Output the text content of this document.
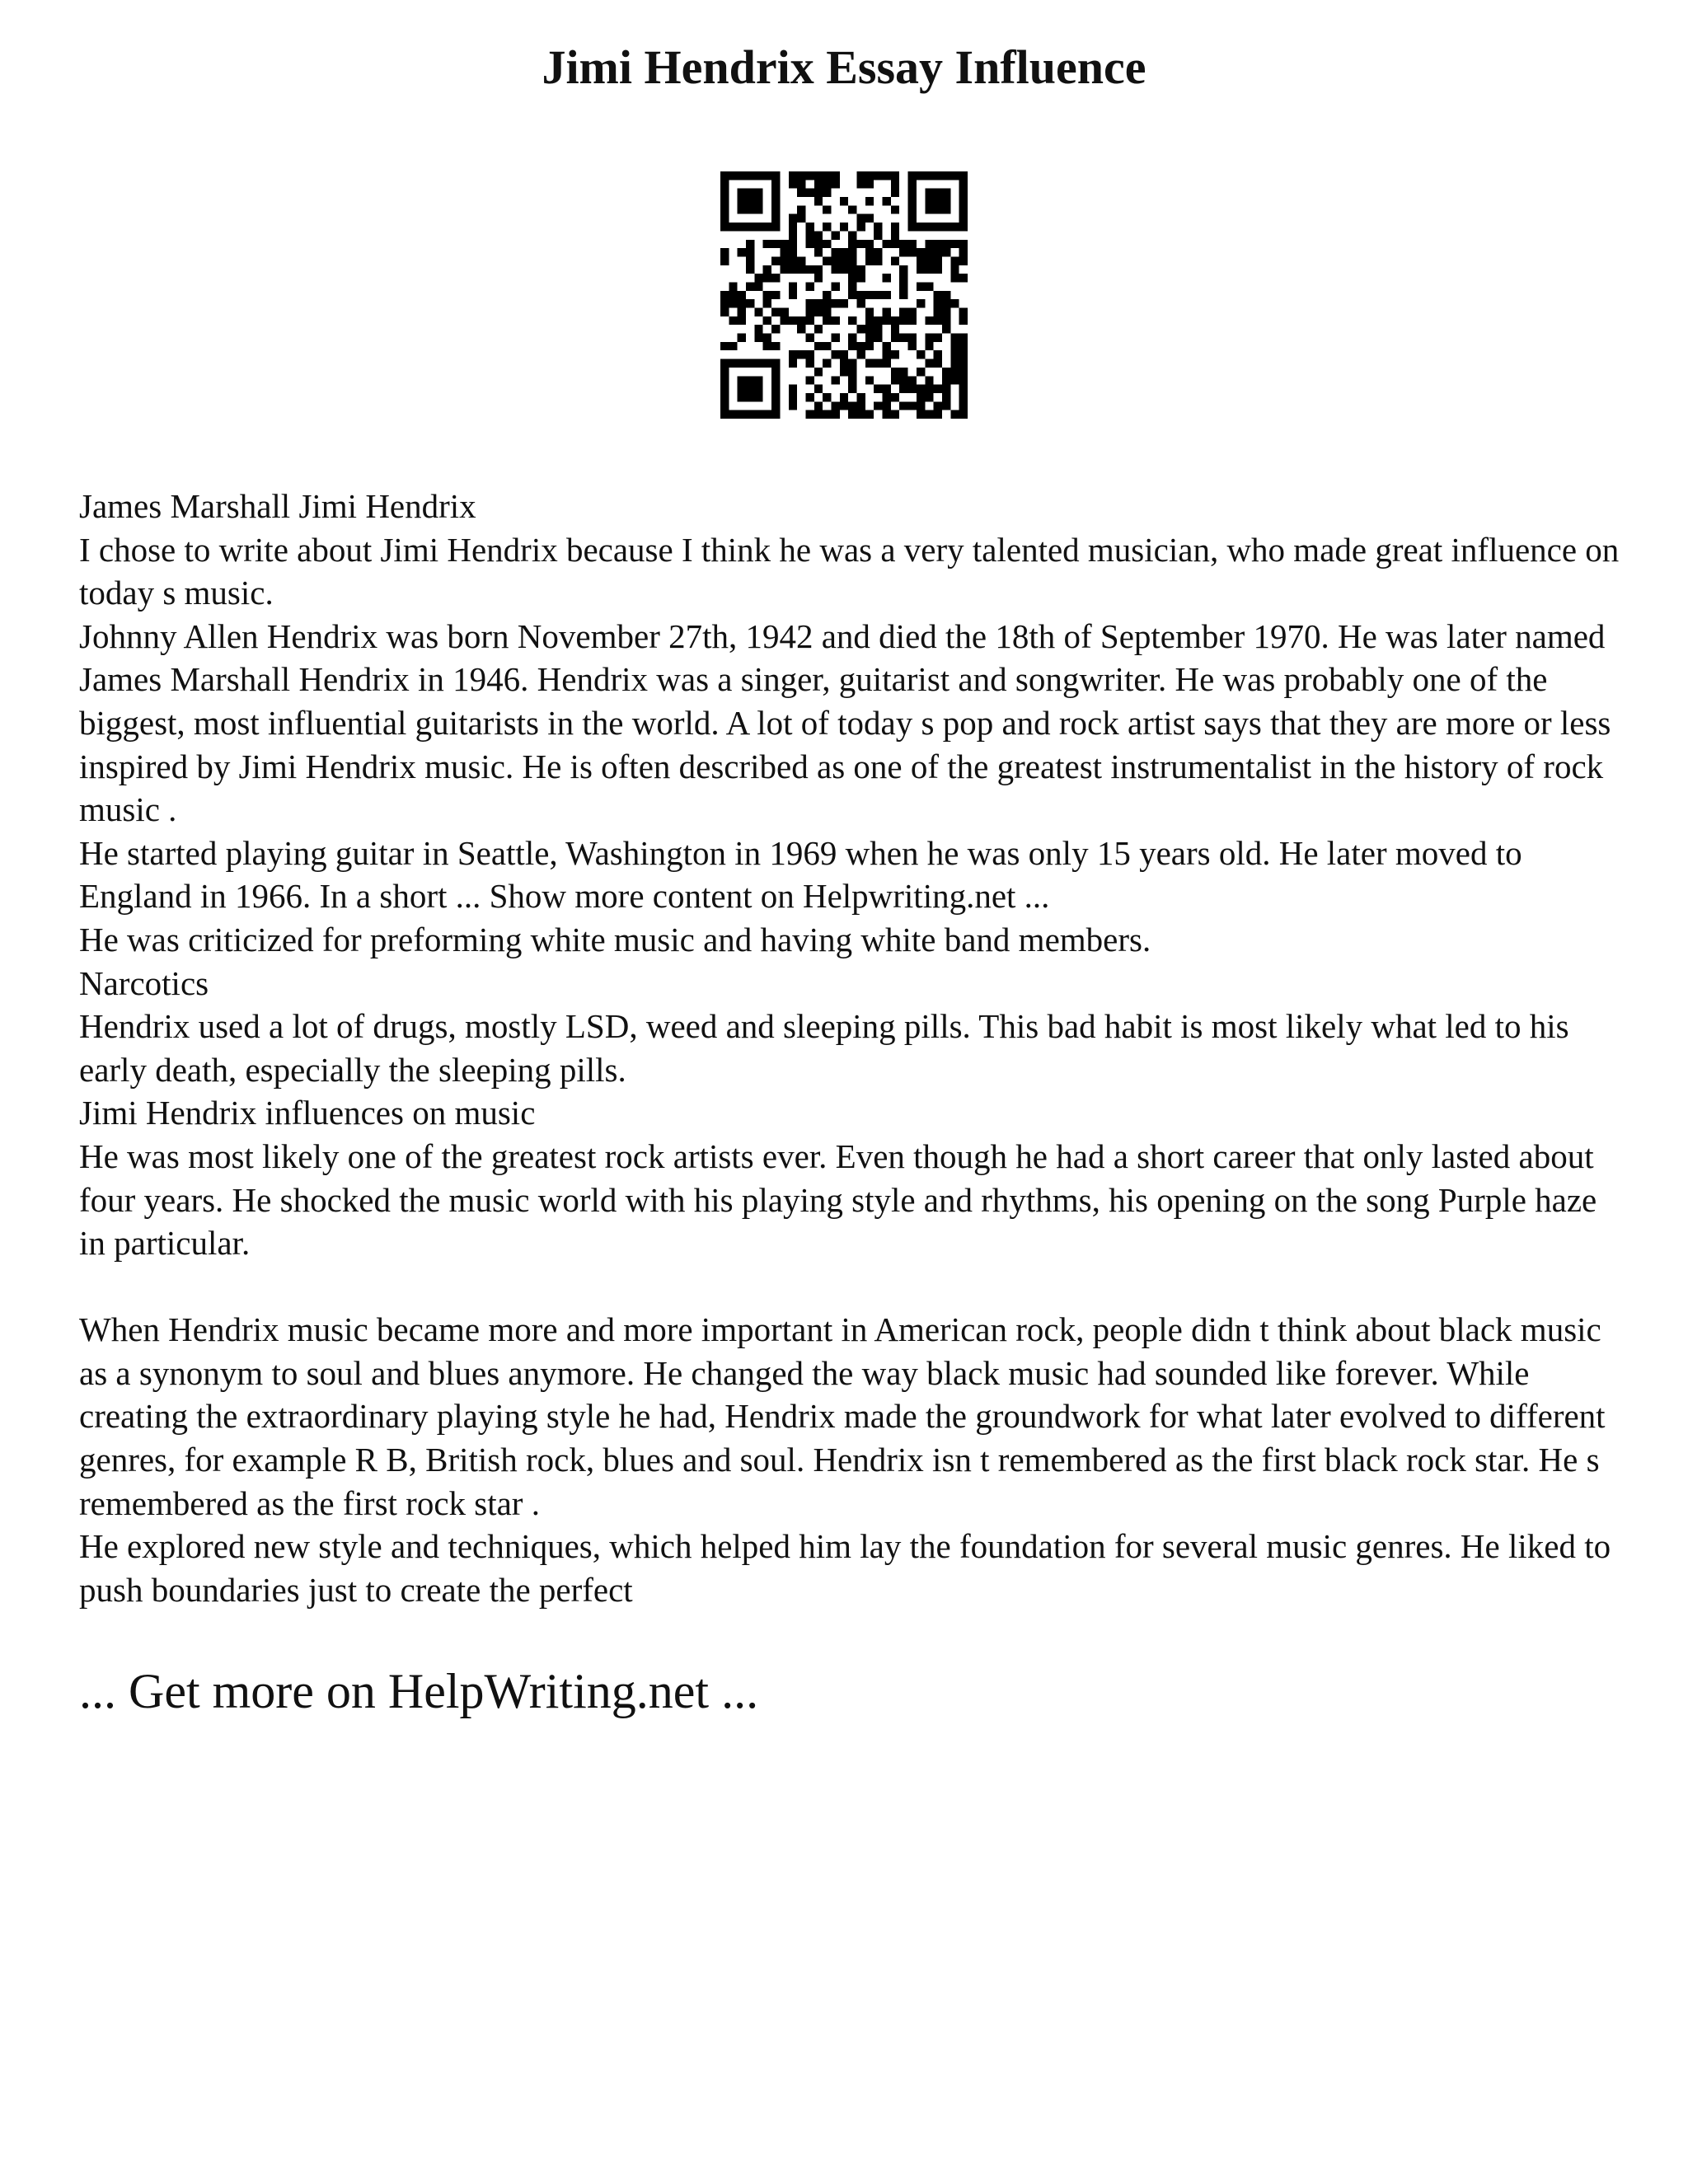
Jimi Hendrix Essay Influence

James Marshall Jimi Hendrix

I chose to write about Jimi Hendrix because I think he was a very talented musician, who made great influence on today s music.

Johnny Allen Hendrix was born November 27th, 1942 and died the 18th of September 1970. He was later named James Marshall Hendrix in 1946. Hendrix was a singer, guitarist and songwriter. He was probably one of the biggest, most influential guitarists in the world. A lot of today s pop and rock artist says that they are more or less inspired by Jimi Hendrix music. He is often described as one of the greatest instrumentalist in the history of rock music .

He started playing guitar in Seattle, Washington in 1969 when he was only 15 years old. He later moved to England in 1966. In a short ... Show more content on Helpwriting.net ...

He was criticized for preforming white music and having white band members.

Narcotics

Hendrix used a lot of drugs, mostly LSD, weed and sleeping pills. This bad habit is most likely what led to his early death, especially the sleeping pills.

Jimi Hendrix influences on music

He was most likely one of the greatest rock artists ever. Even though he had a short career that only lasted about four years. He shocked the music world with his playing style and rhythms, his opening on the song Purple haze in particular.

When Hendrix music became more and more important in American rock, people didn t think about black music as a synonym to soul and blues anymore. He changed the way black music had sounded like forever. While creating the extraordinary playing style he had, Hendrix made the groundwork for what later evolved to different genres, for example R B, British rock, blues and soul. Hendrix isn t remembered as the first black rock star. He s remembered as the first rock star .

He explored new style and techniques, which helped him lay the foundation for several music genres. He liked to push boundaries just to create the perfect

... Get more on HelpWriting.net ...
